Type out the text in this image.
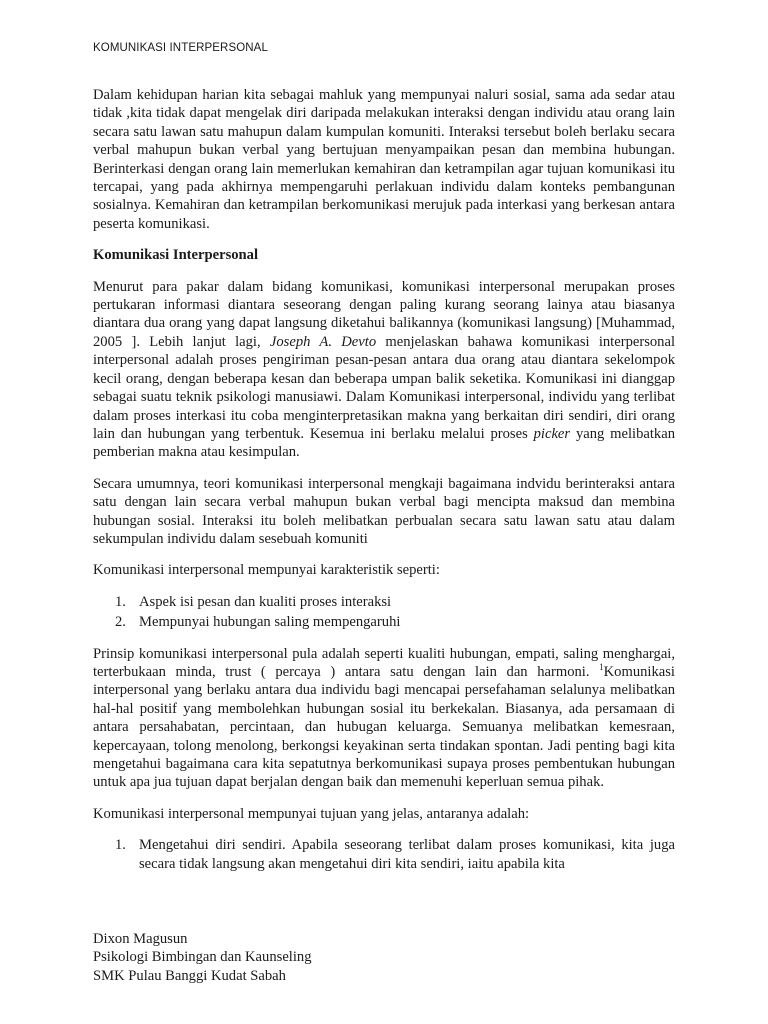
KOMUNIKASI INTERPERSONAL

Dalam kehidupan harian kita sebagai mahluk yang mempunyai naluri sosial, sama ada sedar atau tidak ,kita tidak dapat mengelak diri daripada melakukan interaksi dengan individu atau orang lain secara satu lawan satu mahupun dalam kumpulan komuniti. Interaksi tersebut boleh berlaku secara verbal mahupun bukan verbal yang bertujuan menyampaikan pesan dan membina hubungan. Berinterkasi dengan orang lain memerlukan kemahiran dan ketrampilan agar tujuan komunikasi itu tercapai, yang pada akhirnya mempengaruhi perlakuan individu dalam konteks pembangunan sosialnya. Kemahiran dan ketrampilan berkomunikasi merujuk pada interkasi yang berkesan antara peserta komunikasi.

Komunikasi Interpersonal

Menurut para pakar dalam bidang komunikasi, komunikasi interpersonal merupakan proses pertukaran informasi diantara seseorang dengan paling kurang seorang lainya atau biasanya diantara dua orang yang dapat langsung diketahui balikannya (komunikasi langsung) [Muhammad, 2005 ]. Lebih lanjut lagi, Joseph A. Devto menjelaskan bahawa komunikasi interpersonal interpersonal adalah proses pengiriman pesan-pesan antara dua orang atau diantara sekelompok kecil orang, dengan beberapa kesan dan beberapa umpan balik seketika. Komunikasi ini dianggap sebagai suatu teknik psikologi manusiawi. Dalam Komunikasi interpersonal, individu yang terlibat dalam proses interkasi itu coba menginterpretasikan makna yang berkaitan diri sendiri, diri orang lain dan hubungan yang terbentuk. Kesemua ini berlaku melalui proses picker yang melibatkan pemberian makna atau kesimpulan.

Secara umumnya, teori komunikasi interpersonal mengkaji bagaimana indvidu berinteraksi antara satu dengan lain secara verbal mahupun bukan verbal bagi mencipta maksud dan membina hubungan sosial. Interaksi itu boleh melibatkan perbualan secara satu lawan satu atau dalam sekumpulan individu dalam sesebuah komuniti

Komunikasi interpersonal mempunyai karakteristik seperti:

1. Aspek isi pesan dan kualiti proses interaksi
2. Mempunyai hubungan saling mempengaruhi

Prinsip komunikasi interpersonal pula adalah seperti kualiti hubungan, empati, saling menghargai, terterbukaan minda, trust ( percaya ) antara satu dengan lain dan harmoni. $^1$Komunikasi interpersonal yang berlaku antara dua individu bagi mencapai persefahaman selalunya melibatkan hal-hal positif yang membolehkan hubungan sosial itu berkekalan. Biasanya, ada persamaan di antara persahabatan, percintaan, dan hubugan keluarga. Semuanya melibatkan kemesraan, kepercayaan, tolong menolong, berkongsi keyakinan serta tindakan spontan. Jadi penting bagi kita mengetahui bagaimana cara kita sepatutnya berkomunikasi supaya proses pembentukan hubungan untuk apa jua tujuan dapat berjalan dengan baik dan memenuhi keperluan semua pihak.

Komunikasi interpersonal mempunyai tujuan yang jelas, antaranya adalah:

1. Mengetahui diri sendiri. Apabila seseorang terlibat dalam proses komunikasi, kita juga secara tidak langsung akan mengetahui diri kita sendiri, iaitu apabila kita
Dixon Magusun
Psikologi Bimbingan dan Kaunseling
SMK Pulau Banggi Kudat Sabah
